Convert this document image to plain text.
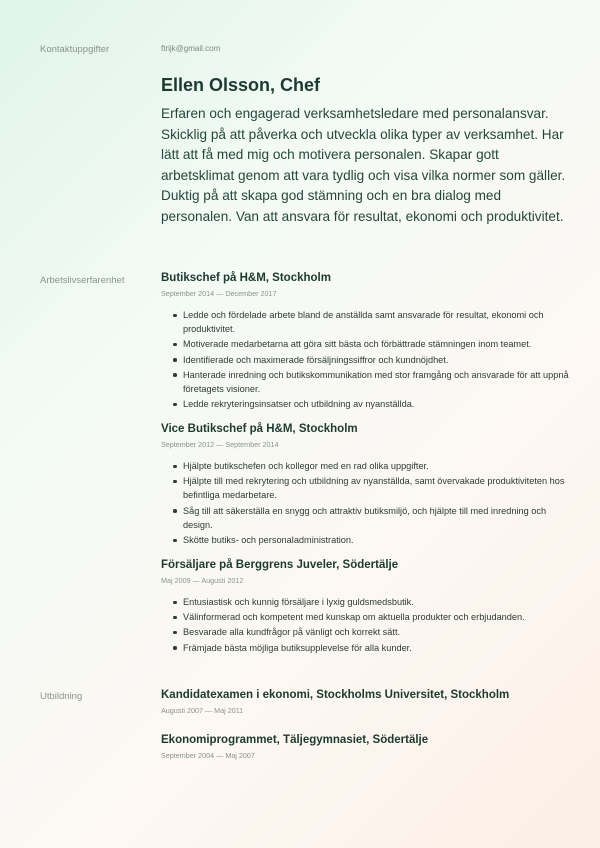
Kontaktuppgifter	ftrijk@gmail.com
Ellen Olsson, Chef
Erfaren och engagerad verksamhetsledare med personalansvar. Skicklig på att påverka och utveckla olika typer av verksamhet. Har lätt att få med mig och motivera personalen. Skapar gott arbetsklimat genom att vara tydlig och visa vilka normer som gäller. Duktig på att skapa god stämning och en bra dialog med personalen. Van att ansvara för resultat, ekonomi och produktivitet.
Arbetslivserfarenhet	Butikschef på H&M, Stockholm

September 2014 — December 2017
Ledde och fördelade arbete bland de anställda samt ansvarade för resultat, ekonomi och produktivitet.
Motiverade medarbetarna att göra sitt bästa och förbättrade stämningen inom teamet.
Identifierade och maximerade försäljningssiffror och kundnöjdhet.
Hanterade inredning och butikskommunikation med stor framgång och ansvarade för att uppnå företagets visioner.
Ledde rekryteringsinsatser och utbildning av nyanställda.

Vice Butikschef på H&M, Stockholm

September 2012 — September 2014
Hjälpte butikschefen och kollegor med en rad olika uppgifter.
Hjälpte till med rekrytering och utbildning av nyanställda, samt övervakade produktiviteten hos befintliga medarbetare.
Såg till att säkerställa en snygg och attraktiv butiksmiljö, och hjälpte till med inredning och design.
Skötte butiks- och personaladministration.

Försäljare på Berggrens Juveler, Södertälje

Maj 2009 — Augusti 2012
Entusiastisk och kunnig försäljare i lyxig guldsmedsbutik.
Välinformerad och kompetent med kunskap om aktuella produkter och erbjudanden.
Besvarade alla kundfrågor på vänligt och korrekt sätt.
Främjade bästa möjliga butiksupplevelse för alla kunder.
Utbildning	Kandidatexamen i ekonomi, Stockholms Universitet, Stockholm

Augusti 2007 — Maj 2011

Ekonomiprogrammet, Täljegymnasiet, Södertälje

September 2004 — Maj 2007
